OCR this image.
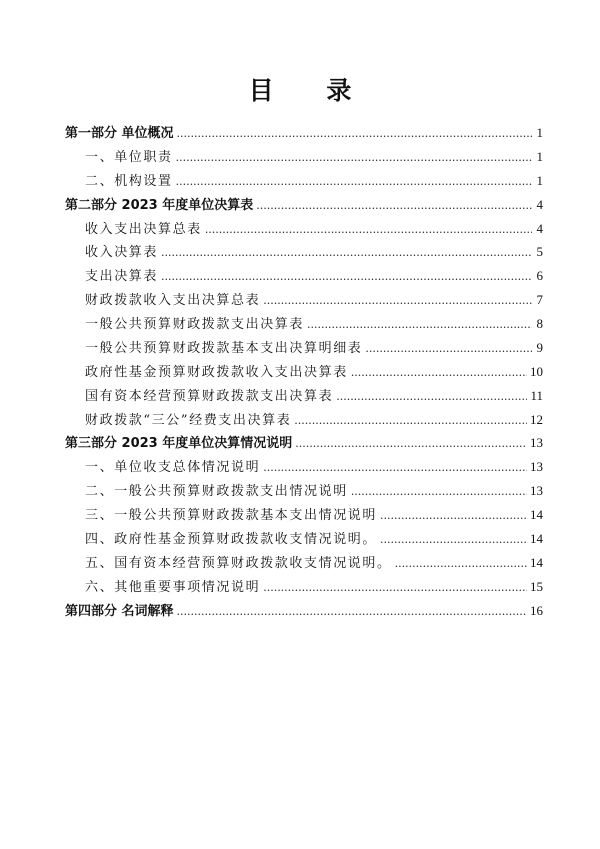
目 录
第一部分 单位概况 .....	1
一、单位职责 .....	1
二、机构设置 .....	1
第二部分 2023 年度单位决算表 .....	4
收入支出决算总表 .....	4
收入决算表 .....	5
支出决算表 .....	6
财政拨款收入支出决算总表 .....	7
一般公共预算财政拨款支出决算表 .....	8
一般公共预算财政拨款基本支出决算明细表 .....	9
政府性基金预算财政拨款收入支出决算表 .....	10
国有资本经营预算财政拨款支出决算表 .....	11
财政拨款“三公”经费支出决算表 .....	12
第三部分 2023 年度单位决算情况说明 .....	13
一、单位收支总体情况说明 .....	13
二、一般公共预算财政拨款支出情况说明 .....	13
三、一般公共预算财政拨款基本支出情况说明 .....	14
四、政府性基金预算财政拨款收支情况说明。 .....	14
五、国有资本经营预算财政拨款收支情况说明。 .....	14
六、其他重要事项情况说明 .....	15
第四部分 名词解释 .....	16
